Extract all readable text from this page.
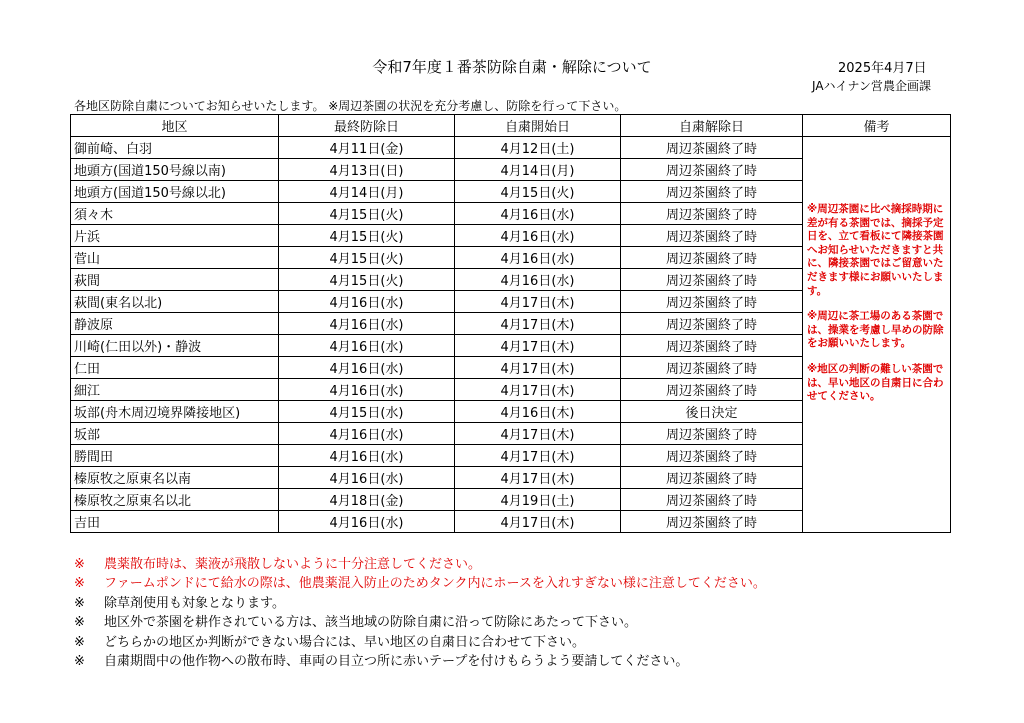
令和7年度１番茶防除自粛・解除について	2025年4月7日
JAハイナン営農企画課
各地区防除自粛についてお知らせいたします。 ※周辺茶園の状況を充分考慮し、防除を行って下さい。
地区	最終防除日	自粛開始日	自粛解除日	備考
御前崎、白羽	4月11日(金)	4月12日(土)	周辺茶園終了時	※周辺茶園に比べ摘採時期に差が有る茶園では、摘採予定日を、立て看板にて隣接茶園へお知らせいただきますと共に、隣接茶園ではご留意いただきます様にお願いいたします。

※周辺に茶工場のある茶園では、操業を考慮し早めの防除をお願いいたします。

※地区の判断の難しい茶園では、早い地区の自粛日に合わせてください。

地頭方(国道150号線以南)	4月13日(日)	4月14日(月)	周辺茶園終了時	
地頭方(国道150号線以北)	4月14日(月)	4月15日(火)	周辺茶園終了時	
須々木	4月15日(火)	4月16日(水)	周辺茶園終了時	
片浜	4月15日(火)	4月16日(水)	周辺茶園終了時	
菅山	4月15日(火)	4月16日(水)	周辺茶園終了時	
萩間	4月15日(火)	4月16日(水)	周辺茶園終了時	
萩間(東名以北)	4月16日(水)	4月17日(木)	周辺茶園終了時	
静波原	4月16日(水)	4月17日(木)	周辺茶園終了時	
川崎(仁田以外)・静波	4月16日(水)	4月17日(木)	周辺茶園終了時	
仁田	4月16日(水)	4月17日(木)	周辺茶園終了時	
細江	4月16日(水)	4月17日(木)	周辺茶園終了時	
坂部(舟木周辺境界隣接地区)	4月15日(水)	4月16日(木)	後日決定	
坂部	4月16日(水)	4月17日(木)	周辺茶園終了時	
勝間田	4月16日(水)	4月17日(木)	周辺茶園終了時	
榛原牧之原東名以南	4月16日(水)	4月17日(木)	周辺茶園終了時	
榛原牧之原東名以北	4月18日(金)	4月19日(土)	周辺茶園終了時	
吉田	4月16日(水)	4月17日(木)	周辺茶園終了時	
※ 農薬散布時は、薬液が飛散しないように十分注意してください。
※ ファームポンドにて給水の際は、他農薬混入防止のためタンク内にホースを入れすぎない様に注意してください。
※ 除草剤使用も対象となります。
※ 地区外で茶園を耕作されている方は、該当地域の防除自粛に沿って防除にあたって下さい。
※ どちらかの地区か判断ができない場合には、早い地区の自粛日に合わせて下さい。
※ 自粛期間中の他作物への散布時、車両の目立つ所に赤いテープを付けもらうよう要請してください。
